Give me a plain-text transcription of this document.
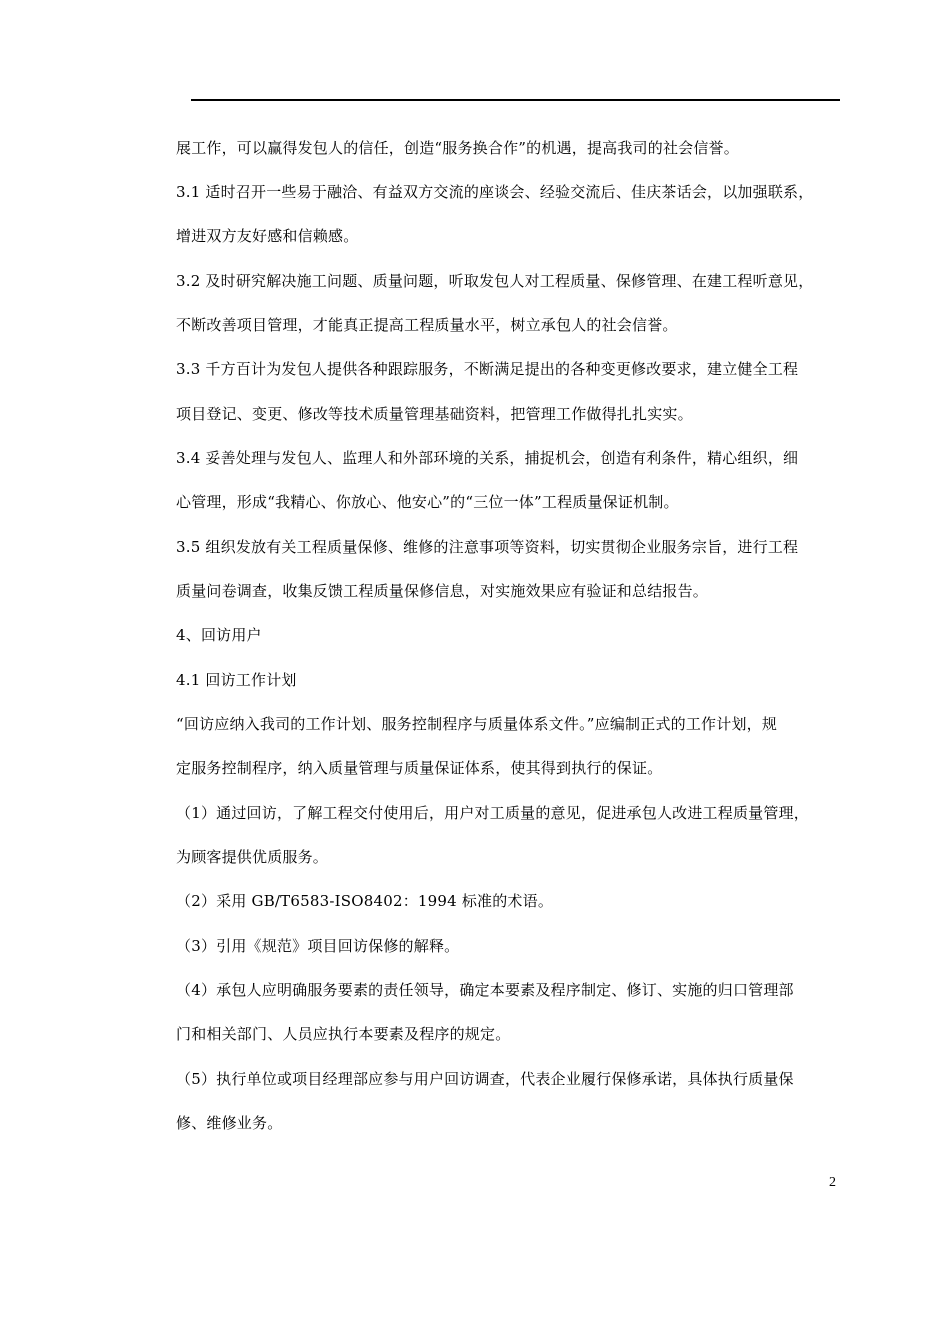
展工作，可以赢得发包人的信任，创造“服务换合作”的机遇，提高我司的社会信誉。
3.1 适时召开一些易于融洽、有益双方交流的座谈会、经验交流后、佳庆茶话会，以加强联系，
增进双方友好感和信赖感。
3.2 及时研究解决施工问题、质量问题，听取发包人对工程质量、保修管理、在建工程听意见，
不断改善项目管理，才能真正提高工程质量水平，树立承包人的社会信誉。
3.3 千方百计为发包人提供各种跟踪服务，不断满足提出的各种变更修改要求，建立健全工程
项目登记、变更、修改等技术质量管理基础资料，把管理工作做得扎扎实实。
3.4 妥善处理与发包人、监理人和外部环境的关系，捕捉机会，创造有利条件，精心组织，细
心管理，形成“我精心、你放心、他安心”的“三位一体”工程质量保证机制。
3.5 组织发放有关工程质量保修、维修的注意事项等资料，切实贯彻企业服务宗旨，进行工程
质量问卷调查，收集反馈工程质量保修信息，对实施效果应有验证和总结报告。
4、回访用户
4.1 回访工作计划
“回访应纳入我司的工作计划、服务控制程序与质量体系文件。”应编制正式的工作计划，规
定服务控制程序，纳入质量管理与质量保证体系，使其得到执行的保证。
（1）通过回访，了解工程交付使用后，用户对工质量的意见，促进承包人改进工程质量管理，
为顾客提供优质服务。
（2）采用 GB/T6583-ISO8402：1994 标准的术语。
（3）引用《规范》项目回访保修的解释。
（4）承包人应明确服务要素的责任领导，确定本要素及程序制定、修订、实施的归口管理部
门和相关部门、人员应执行本要素及程序的规定。
（5）执行单位或项目经理部应参与用户回访调查，代表企业履行保修承诺，具体执行质量保
修、维修业务。
2
